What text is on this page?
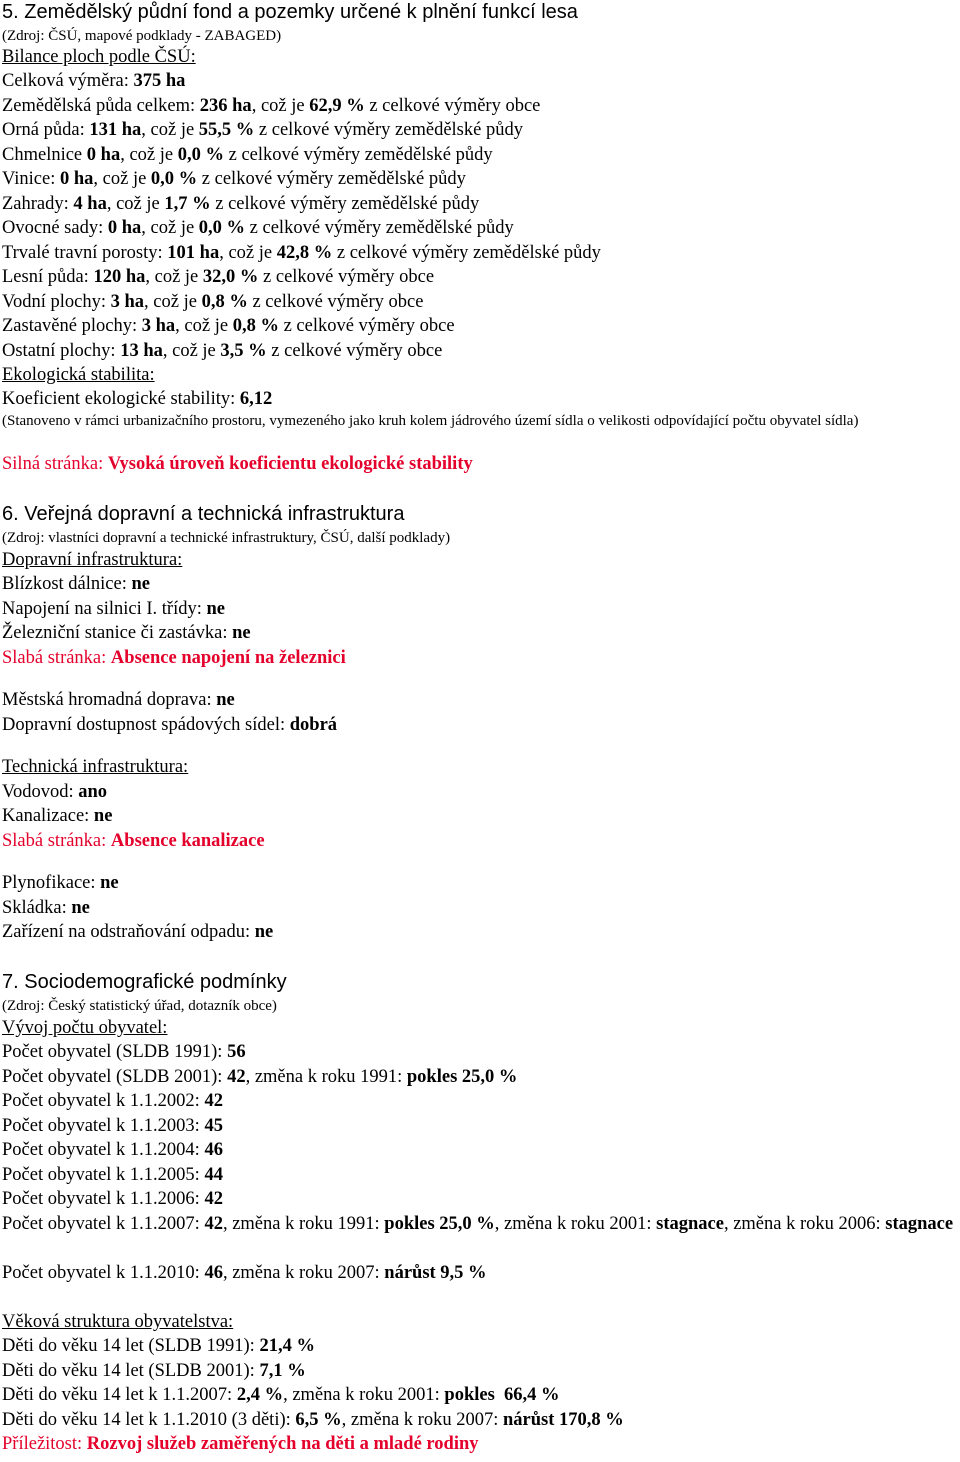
5. Zemědělský půdní fond a pozemky určené k plnění funkcí lesa
(Zdroj: ČSÚ, mapové podklady - ZABAGED)
Bilance ploch podle ČSÚ:
Celková výměra: 375 ha
Zemědělská půda celkem: 236 ha, což je 62,9 % z celkové výměry obce
Orná půda: 131 ha, což je 55,5 % z celkové výměry zemědělské půdy
Chmelnice 0 ha, což je 0,0 % z celkové výměry zemědělské půdy
Vinice: 0 ha, což je 0,0 % z celkové výměry zemědělské půdy
Zahrady: 4 ha, což je 1,7 % z celkové výměry zemědělské půdy
Ovocné sady: 0 ha, což je 0,0 % z celkové výměry zemědělské půdy
Trvalé travní porosty: 101 ha, což je 42,8 % z celkové výměry zemědělské půdy
Lesní půda: 120 ha, což je 32,0 % z celkové výměry obce
Vodní plochy: 3 ha, což je 0,8 % z celkové výměry obce
Zastavěné plochy: 3 ha, což je 0,8 % z celkové výměry obce
Ostatní plochy: 13 ha, což je 3,5 % z celkové výměry obce
Ekologická stabilita:
Koeficient ekologické stability: 6,12
(Stanoveno v rámci urbanizačního prostoru, vymezeného jako kruh kolem jádrového území sídla o velikosti odpovídající počtu obyvatel sídla)
Silná stránka: Vysoká úroveň koeficientu ekologické stability
6. Veřejná dopravní a technická infrastruktura
(Zdroj: vlastníci dopravní a technické infrastruktury, ČSÚ, další podklady)
Dopravní infrastruktura:
Blízkost dálnice: ne
Napojení na silnici I. třídy: ne
Železniční stanice či zastávka: ne
Slabá stránka: Absence napojení na železnici
Městská hromadná doprava: ne
Dopravní dostupnost spádových sídel: dobrá
Technická infrastruktura:
Vodovod: ano
Kanalizace: ne
Slabá stránka: Absence kanalizace
Plynofikace: ne
Skládka: ne
Zařízení na odstraňování odpadu: ne
7. Sociodemografické podmínky
(Zdroj: Český statistický úřad, dotazník obce)
Vývoj počtu obyvatel:
Počet obyvatel (SLDB 1991): 56
Počet obyvatel (SLDB 2001): 42, změna k roku 1991: pokles 25,0 %
Počet obyvatel k 1.1.2002: 42
Počet obyvatel k 1.1.2003: 45
Počet obyvatel k 1.1.2004: 46
Počet obyvatel k 1.1.2005: 44
Počet obyvatel k 1.1.2006: 42
Počet obyvatel k 1.1.2007: 42, změna k roku 1991: pokles 25,0 %, změna k roku 2001: stagnace, změna k roku 2006: stagnace
Počet obyvatel k 1.1.2010: 46, změna k roku 2007: nárůst 9,5 %
Věková struktura obyvatelstva:
Děti do věku 14 let (SLDB 1991): 21,4 %
Děti do věku 14 let (SLDB 2001): 7,1 %
Děti do věku 14 let k 1.1.2007: 2,4 %, změna k roku 2001: pokles  66,4 %
Děti do věku 14 let k 1.1.2010 (3 děti): 6,5 %, změna k roku 2007: nárůst 170,8 %
Příležitost: Rozvoj služeb zaměřených na děti a mladé rodiny
